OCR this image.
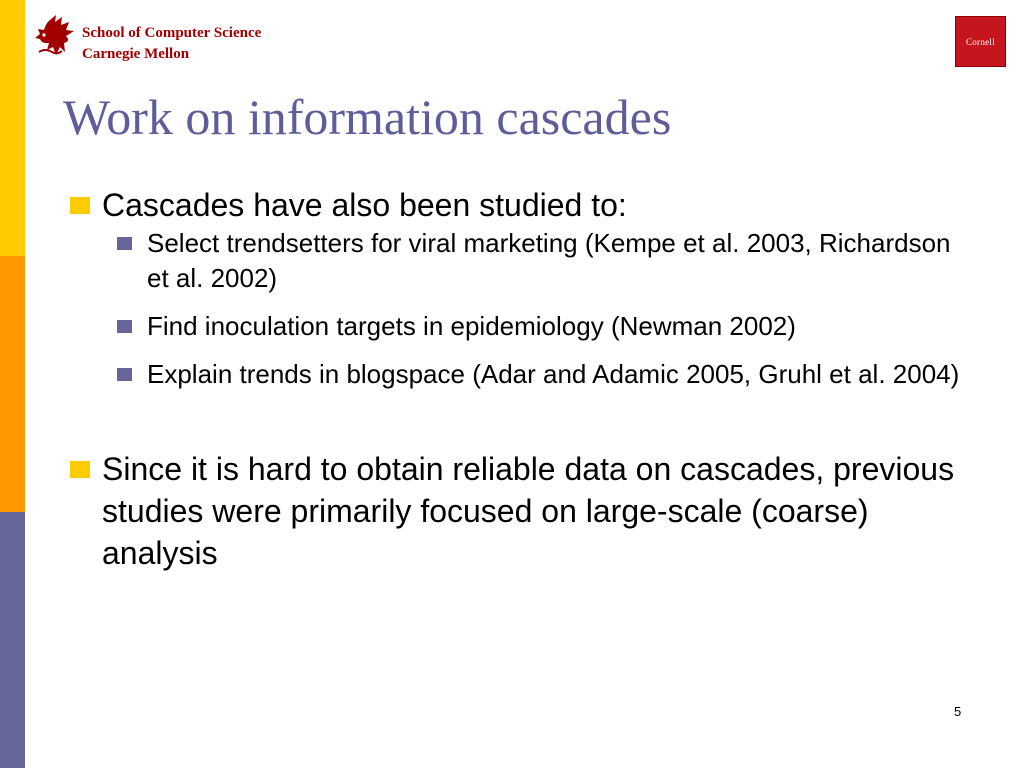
School of Computer Science
Carnegie Mellon
Cornell
Work on information cascades
Cascades have also been studied to:
Select trendsetters for viral marketing (Kempe et al. 2003, Richardson et al. 2002)
Find inoculation targets in epidemiology (Newman 2002)
Explain trends in blogspace (Adar and Adamic 2005, Gruhl et al. 2004)
Since it is hard to obtain reliable data on cascades, previous studies were primarily focused on large-scale (coarse) analysis
5
